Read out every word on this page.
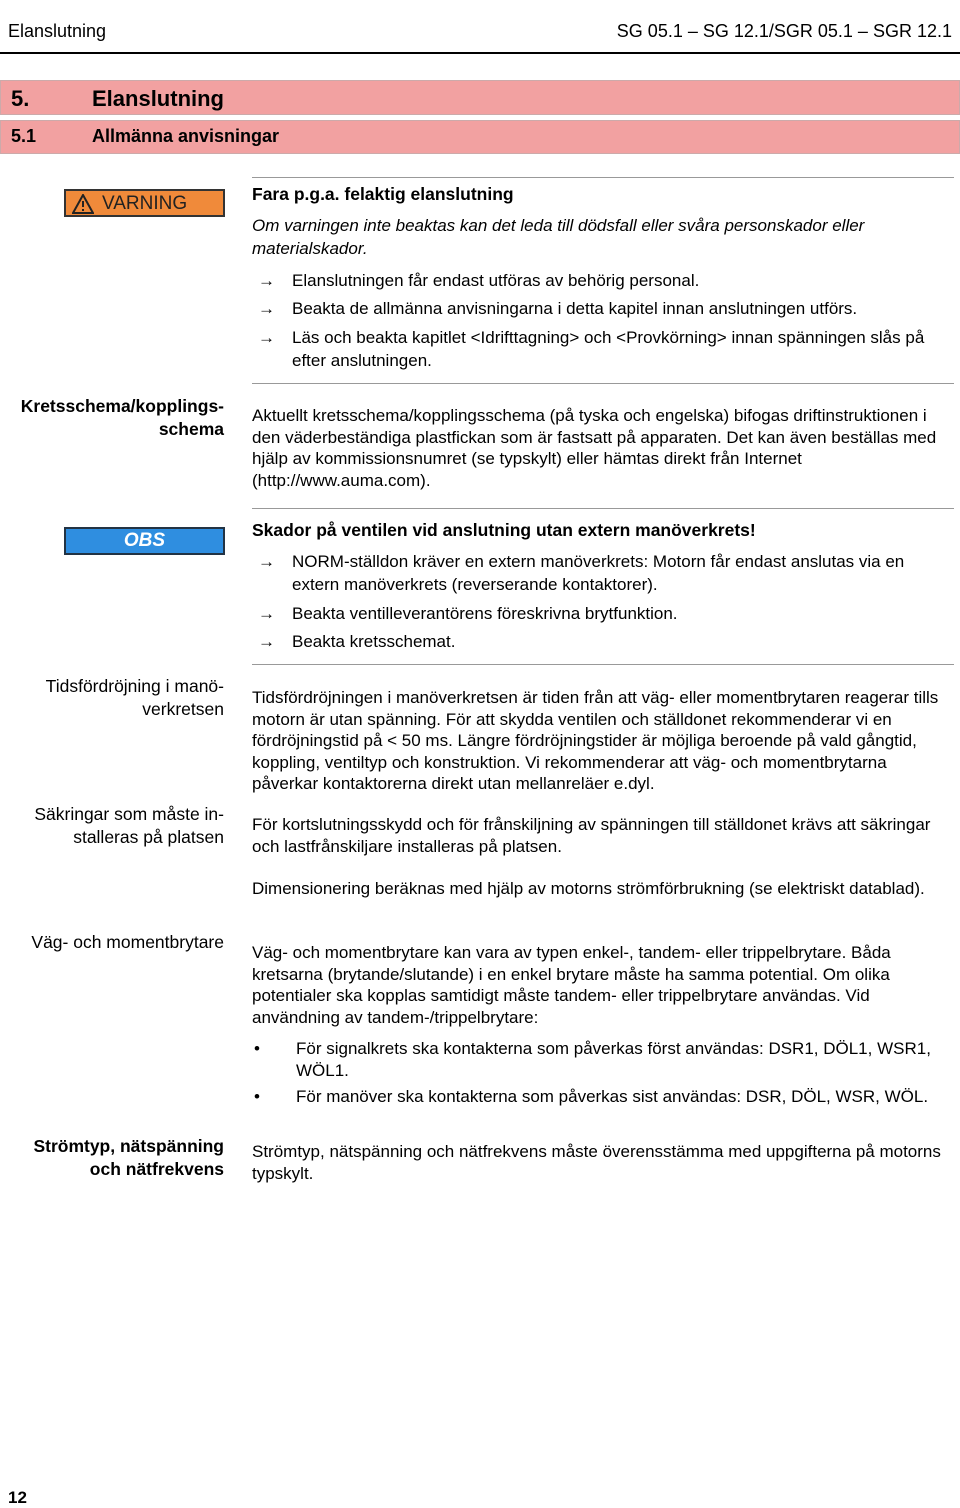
Elanslutning	SG 05.1 – SG 12.1/SGR 05.1 – SGR 12.1
5.	Elanslutning
5.1	Allmänna anvisningar
VARNING	Fara p.g.a. felaktig elanslutning
Om varningen inte beaktas kan det leda till dödsfall eller svåra personskador eller materialskador.
→ Elanslutningen får endast utföras av behörig personal.
→ Beakta de allmänna anvisningarna i detta kapitel innan anslutningen utförs.
→ Läs och beakta kapitlet <Idrifttagning> och <Provkörning> innan spänningen slås på efter anslutningen.
Kretsschema/kopplings-
schema
Aktuellt kretsschema/kopplingsschema (på tyska och engelska) bifogas driftinstruktionen i den väderbeständiga plastfickan som är fastsatt på apparaten. Det kan även beställas med hjälp av kommissionsnumret (se typskylt) eller hämtas direkt från Internet (http://www.auma.com).
OBS	Skador på ventilen vid anslutning utan extern manöverkrets!
→ NORM-ställdon kräver en extern manöverkrets: Motorn får endast anslutas via en extern manöverkrets (reverserande kontaktorer).
→ Beakta ventilleverantörens föreskrivna brytfunktion.
→ Beakta kretsschemat.
Tidsfördröjning i manö-
verkretsen
Tidsfördröjningen i manöverkretsen är tiden från att väg- eller momentbrytaren reagerar tills motorn är utan spänning. För att skydda ventilen och ställdonet rekommenderar vi en fördröjningstid på < 50 ms. Längre fördröjningstider är möjliga beroende på vald gångtid, koppling, ventiltyp och konstruktion. Vi rekommenderar att väg- och momentbrytarna påverkar kontaktorerna direkt utan mellanreläer e.dyl.
Säkringar som måste in-
stalleras på platsen
För kortslutningsskydd och för frånskiljning av spänningen till ställdonet krävs att säkringar och lastfrånskiljare installeras på platsen.
Dimensionering beräknas med hjälp av motorns strömförbrukning (se elektriskt datablad).
Väg- och momentbrytare
Väg- och momentbrytare kan vara av typen enkel-, tandem- eller trippelbrytare. Båda kretsarna (brytande/slutande) i en enkel brytare måste ha samma potential. Om olika potentialer ska kopplas samtidigt måste tandem- eller trippelbrytare användas. Vid användning av tandem-/trippelbrytare:
• För signalkrets ska kontakterna som påverkas först användas: DSR1, DÖL1, WSR1, WÖL1.
• För manöver ska kontakterna som påverkas sist användas: DSR, DÖL, WSR, WÖL.
Strömtyp, nätspänning
och nätfrekvens
Strömtyp, nätspänning och nätfrekvens måste överensstämma med uppgifterna på motorns typskylt.
12
